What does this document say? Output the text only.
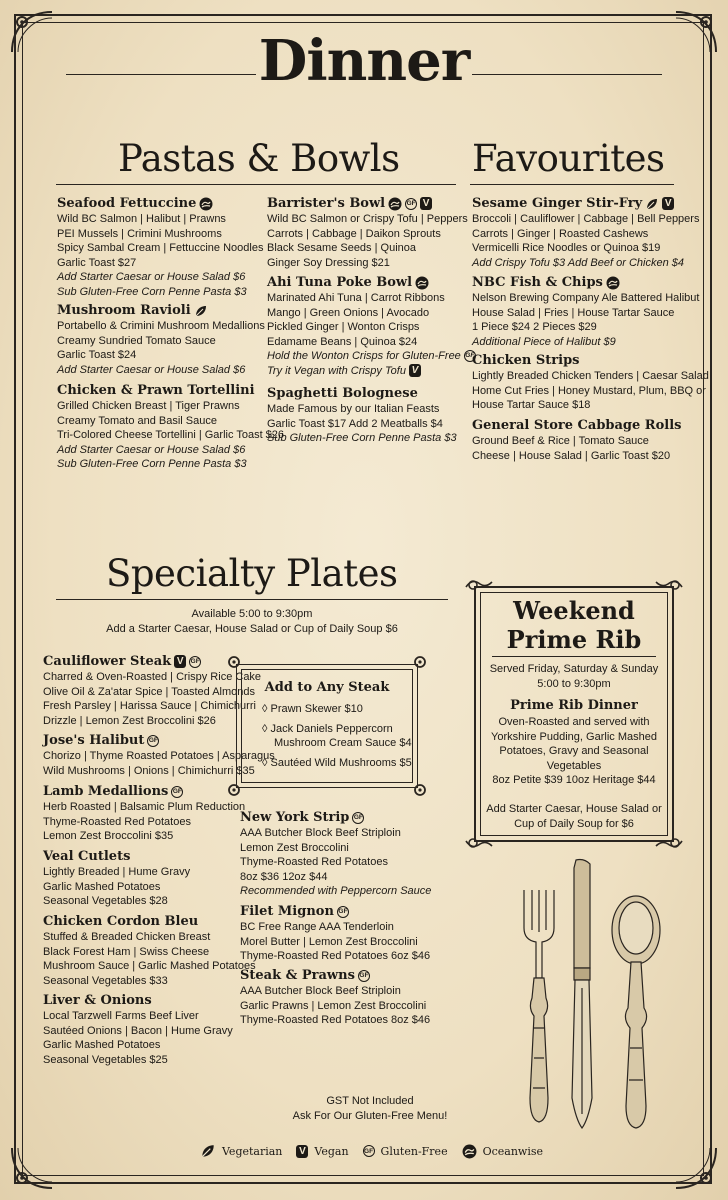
Dinner
Pastas & Bowls Favourites
Seafood Fettuccine
Wild BC Salmon | Halibut | Prawns
PEI Mussels | Crimini Mushrooms
Spicy Sambal Cream | Fettuccine Noodles
Garlic Toast $27
Add Starter Caesar or House Salad $6
Sub Gluten-Free Corn Penne Pasta $3
Mushroom Ravioli
Portabello & Crimini Mushroom Medallions
Creamy Sundried Tomato Sauce
Garlic Toast $24
Add Starter Caesar or House Salad $6
Chicken & Prawn Tortellini
Grilled Chicken Breast | Tiger Prawns
Creamy Tomato and Basil Sauce
Tri-Colored Cheese Tortellini | Garlic Toast $26
Add Starter Caesar or House Salad $6
Sub Gluten-Free Corn Penne Pasta $3
Barrister's Bowl	GF V
Wild BC Salmon or Crispy Tofu | Peppers
Carrots | Cabbage | Daikon Sprouts
Black Sesame Seeds | Quinoa
Ginger Soy Dressing $21
Ahi Tuna Poke Bowl
Marinated Ahi Tuna | Carrot Ribbons
Mango | Green Onions | Avocado
Pickled Ginger | Wonton Crisps
Edamame Beans | Quinoa $24
Hold the Wonton Crisps for Gluten-Free GF
Try it Vegan with Crispy Tofu V
Spaghetti Bolognese
Made Famous by our Italian Feasts
Garlic Toast $17 Add 2 Meatballs $4
Sub Gluten-Free Corn Penne Pasta $3
Sesame Ginger Stir-Fry V
Broccoli | Cauliflower | Cabbage | Bell Peppers
Carrots | Ginger | Roasted Cashews
Vermicelli Rice Noodles or Quinoa $19
Add Crispy Tofu $3 Add Beef or Chicken $4
NBC Fish & Chips
Nelson Brewing Company Ale Battered Halibut
House Salad | Fries | House Tartar Sauce
1 Piece $24 2 Pieces $29
Additional Piece of Halibut $9
Chicken Strips
Lightly Breaded Chicken Tenders | Caesar Salad
Home Cut Fries | Honey Mustard, Plum, BBQ or
House Tartar Sauce $18
General Store Cabbage Rolls
Ground Beef & Rice | Tomato Sauce
Cheese | House Salad | Garlic Toast $20
Specialty Plates
Available 5:00 to 9:30pm
Add a Starter Caesar, House Salad or Cup of Daily Soup $6
Cauliflower Steak V	GF
Charred & Oven-Roasted | Crispy Rice Cake
Olive Oil & Za'atar Spice | Toasted Almonds
Fresh Parsley | Harissa Sauce | Chimichurri
Drizzle | Lemon Zest Broccolini $26
Jose's Halibut GF
Chorizo | Thyme Roasted Potatoes | Asparagus
Wild Mushrooms | Onions | Chimichurri $35
Lamb Medallions GF
Herb Roasted | Balsamic Plum Reduction
Thyme-Roasted Red Potatoes
Lemon Zest Broccolini $35
Veal Cutlets
Lightly Breaded | Hume Gravy
Garlic Mashed Potatoes
Seasonal Vegetables $28
Chicken Cordon Bleu
Stuffed & Breaded Chicken Breast
Black Forest Ham | Swiss Cheese
Mushroom Sauce | Garlic Mashed Potatoes
Seasonal Vegetables $33
Liver & Onions
Local Tarzwell Farms Beef Liver
Sautéed Onions | Bacon | Hume Gravy
Garlic Mashed Potatoes
Seasonal Vegetables $25
Add to Any Steak
◊ Prawn Skewer $10
◊ Jack Daniels Peppercorn
Mushroom Cream Sauce $4
◊ Sautéed Wild Mushrooms $5
New York Strip GF
AAA Butcher Block Beef Striploin
Lemon Zest Broccolini
Thyme-Roasted Red Potatoes
8oz $36 12oz $44
Recommended with Peppercorn Sauce
Filet Mignon GF
BC Free Range AAA Tenderloin
Morel Butter | Lemon Zest Broccolini
Thyme-Roasted Red Potatoes 6oz $46
Steak & Prawns GF
AAA Butcher Block Beef Striploin
Garlic Prawns | Lemon Zest Broccolini
Thyme-Roasted Red Potatoes 8oz $46
Weekend
Prime Rib
Served Friday, Saturday & Sunday
5:00 to 9:30pm
Prime Rib Dinner
Oven-Roasted and served with
Yorkshire Pudding, Garlic Mashed
Potatoes, Gravy and Seasonal Vegetables
8oz Petite $39 10oz Heritage $44
Add Starter Caesar, House Salad or
Cup of Daily Soup for $6
GST Not Included
Ask For Our Gluten-Free Menu!
Vegetarian V Vegan GF Gluten-Free	Oceanwise
